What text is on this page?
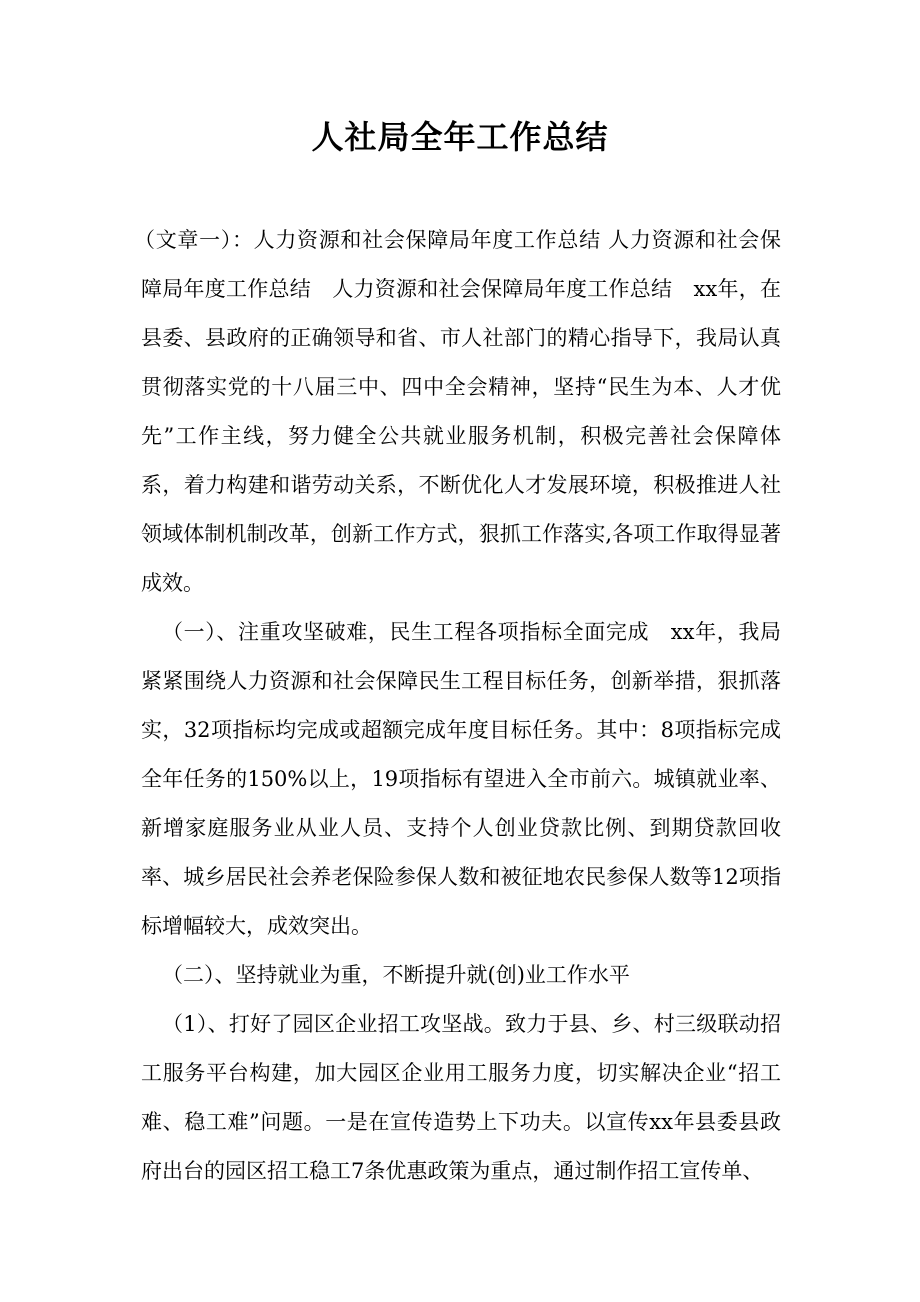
人社局全年工作总结

（文章一）：人力资源和社会保障局年度工作总结 人力资源和社会保障局年度工作总结　人力资源和社会保障局年度工作总结　xx年，在县委、县政府的正确领导和省、市人社部门的精心指导下，我局认真贯彻落实党的十八届三中、四中全会精神，坚持“民生为本、人才优先”工作主线，努力健全公共就业服务机制，积极完善社会保障体系，着力构建和谐劳动关系，不断优化人才发展环境，积极推进人社领域体制机制改革，创新工作方式，狠抓工作落实,各项工作取得显著成效。

（一）、注重攻坚破难，民生工程各项指标全面完成　xx年，我局紧紧围绕人力资源和社会保障民生工程目标任务，创新举措，狠抓落实，32项指标均完成或超额完成年度目标任务。其中：8项指标完成全年任务的150%以上，19项指标有望进入全市前六。城镇就业率、新增家庭服务业从业人员、支持个人创业贷款比例、到期贷款回收率、城乡居民社会养老保险参保人数和被征地农民参保人数等12项指标增幅较大，成效突出。

（二）、坚持就业为重，不断提升就(创)业工作水平

（1）、打好了园区企业招工攻坚战。致力于县、乡、村三级联动招工服务平台构建，加大园区企业用工服务力度，切实解决企业“招工难、稳工难”问题。一是在宣传造势上下功夫。以宣传xx年县委县政府出台的园区招工稳工7条优惠政策为重点，通过制作招工宣传单、
